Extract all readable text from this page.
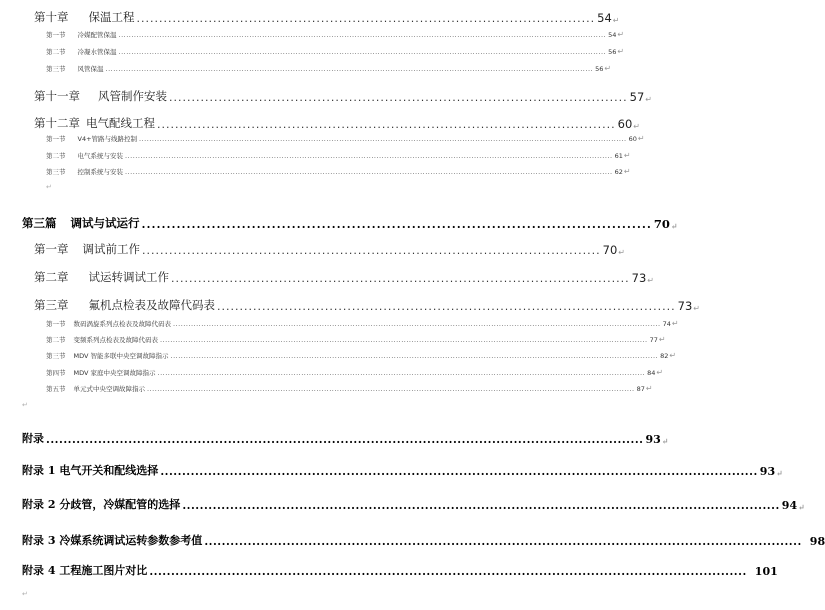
第十章	保温工程 ...................................................................................................... 54 ↵
第一节	冷媒配管保温 .............................................................................................................................................................................................. 54 ↵
第二节	冷凝水管保温 .............................................................................................................................................................................................. 56 ↵
第三节	风管保温 .............................................................................................................................................................................................. 56 ↵
第十一章	风管制作安装 ...................................................................................................... 57 ↵
第十二章 电气配线工程 ...................................................................................................... 60 ↵
第一节	V4+管路与线路控制 .............................................................................................................................................................................................. 60 ↵
第二节	电气系统与安装 .............................................................................................................................................................................................. 61 ↵
第三节	控制系统与安装 .............................................................................................................................................................................................. 62 ↵
↵
第三篇	调试与试运行 ...................................................................................................... 70 ↵
第一章	调试前工作 ...................................................................................................... 70 ↵
第二章	试运转调试工作 ...................................................................................................... 73 ↵
第三章	氟机点检表及故障代码表 ...................................................................................................... 73 ↵
第一节	数码涡旋系列点检表及故障代码表 .............................................................................................................................................................................................. 74 ↵
第二节	变频系列点检表及故障代码表 .............................................................................................................................................................................................. 77 ↵
第三节	MDV 智能多联中央空调故障指示 .............................................................................................................................................................................................. 82 ↵
第四节	MDV 家庭中央空调故障指示 .............................................................................................................................................................................................. 84 ↵
第五节	单元式中央空调故障指示 .............................................................................................................................................................................................. 87 ↵
↵
附录 .......................................................................................................................................... 93 ↵
附录 1 电气开关和配线选择 .......................................................................................................................................... 93 ↵
附录 2 分歧管，冷媒配管的选择 .......................................................................................................................................... 94 ↵
附录 3 冷媒系统调试运转参数参考值 .......................................................................................................................................... 98
附录 4 工程施工图片对比 .......................................................................................................................................... 101
↵
